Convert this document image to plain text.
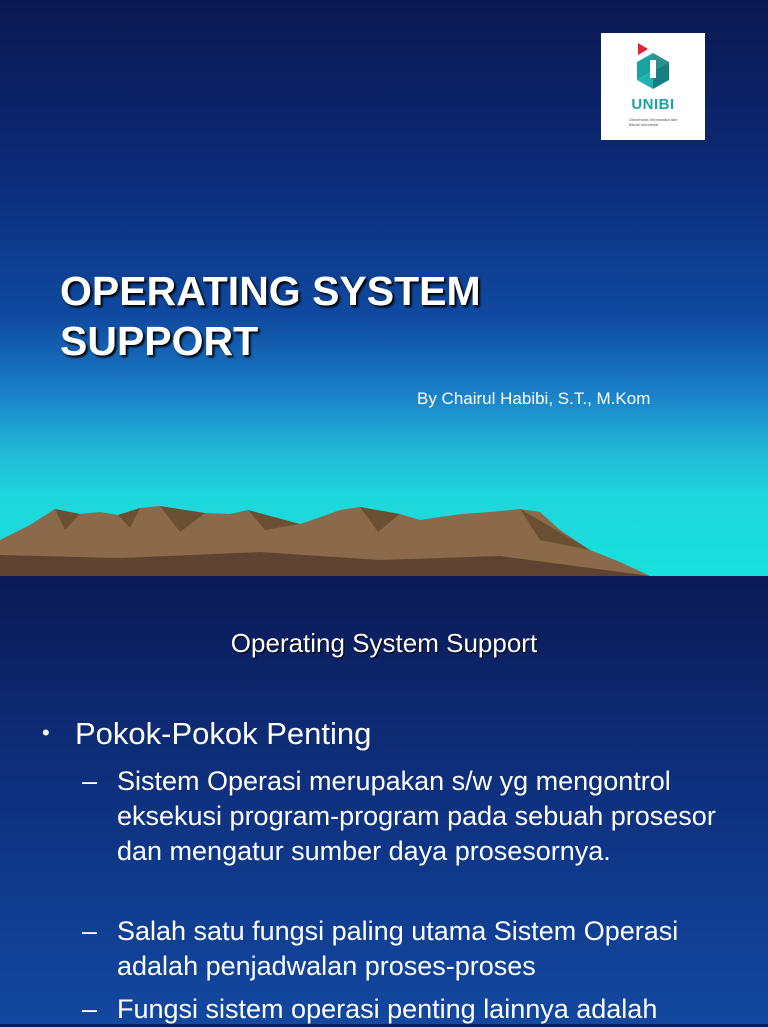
UNIBI
Universitas Informatika dan Bisnis Indonesia
OPERATING SYSTEM
SUPPORT
By Chairul Habibi, S.T., M.Kom
Operating System Support
• Pokok-Pokok Penting
– Sistem Operasi merupakan s/w yg mengontrol eksekusi program-program pada sebuah prosesor dan mengatur sumber daya prosesornya.
– Salah satu fungsi paling utama Sistem Operasi adalah penjadwalan proses-proses
– Fungsi sistem operasi penting lainnya adalah
